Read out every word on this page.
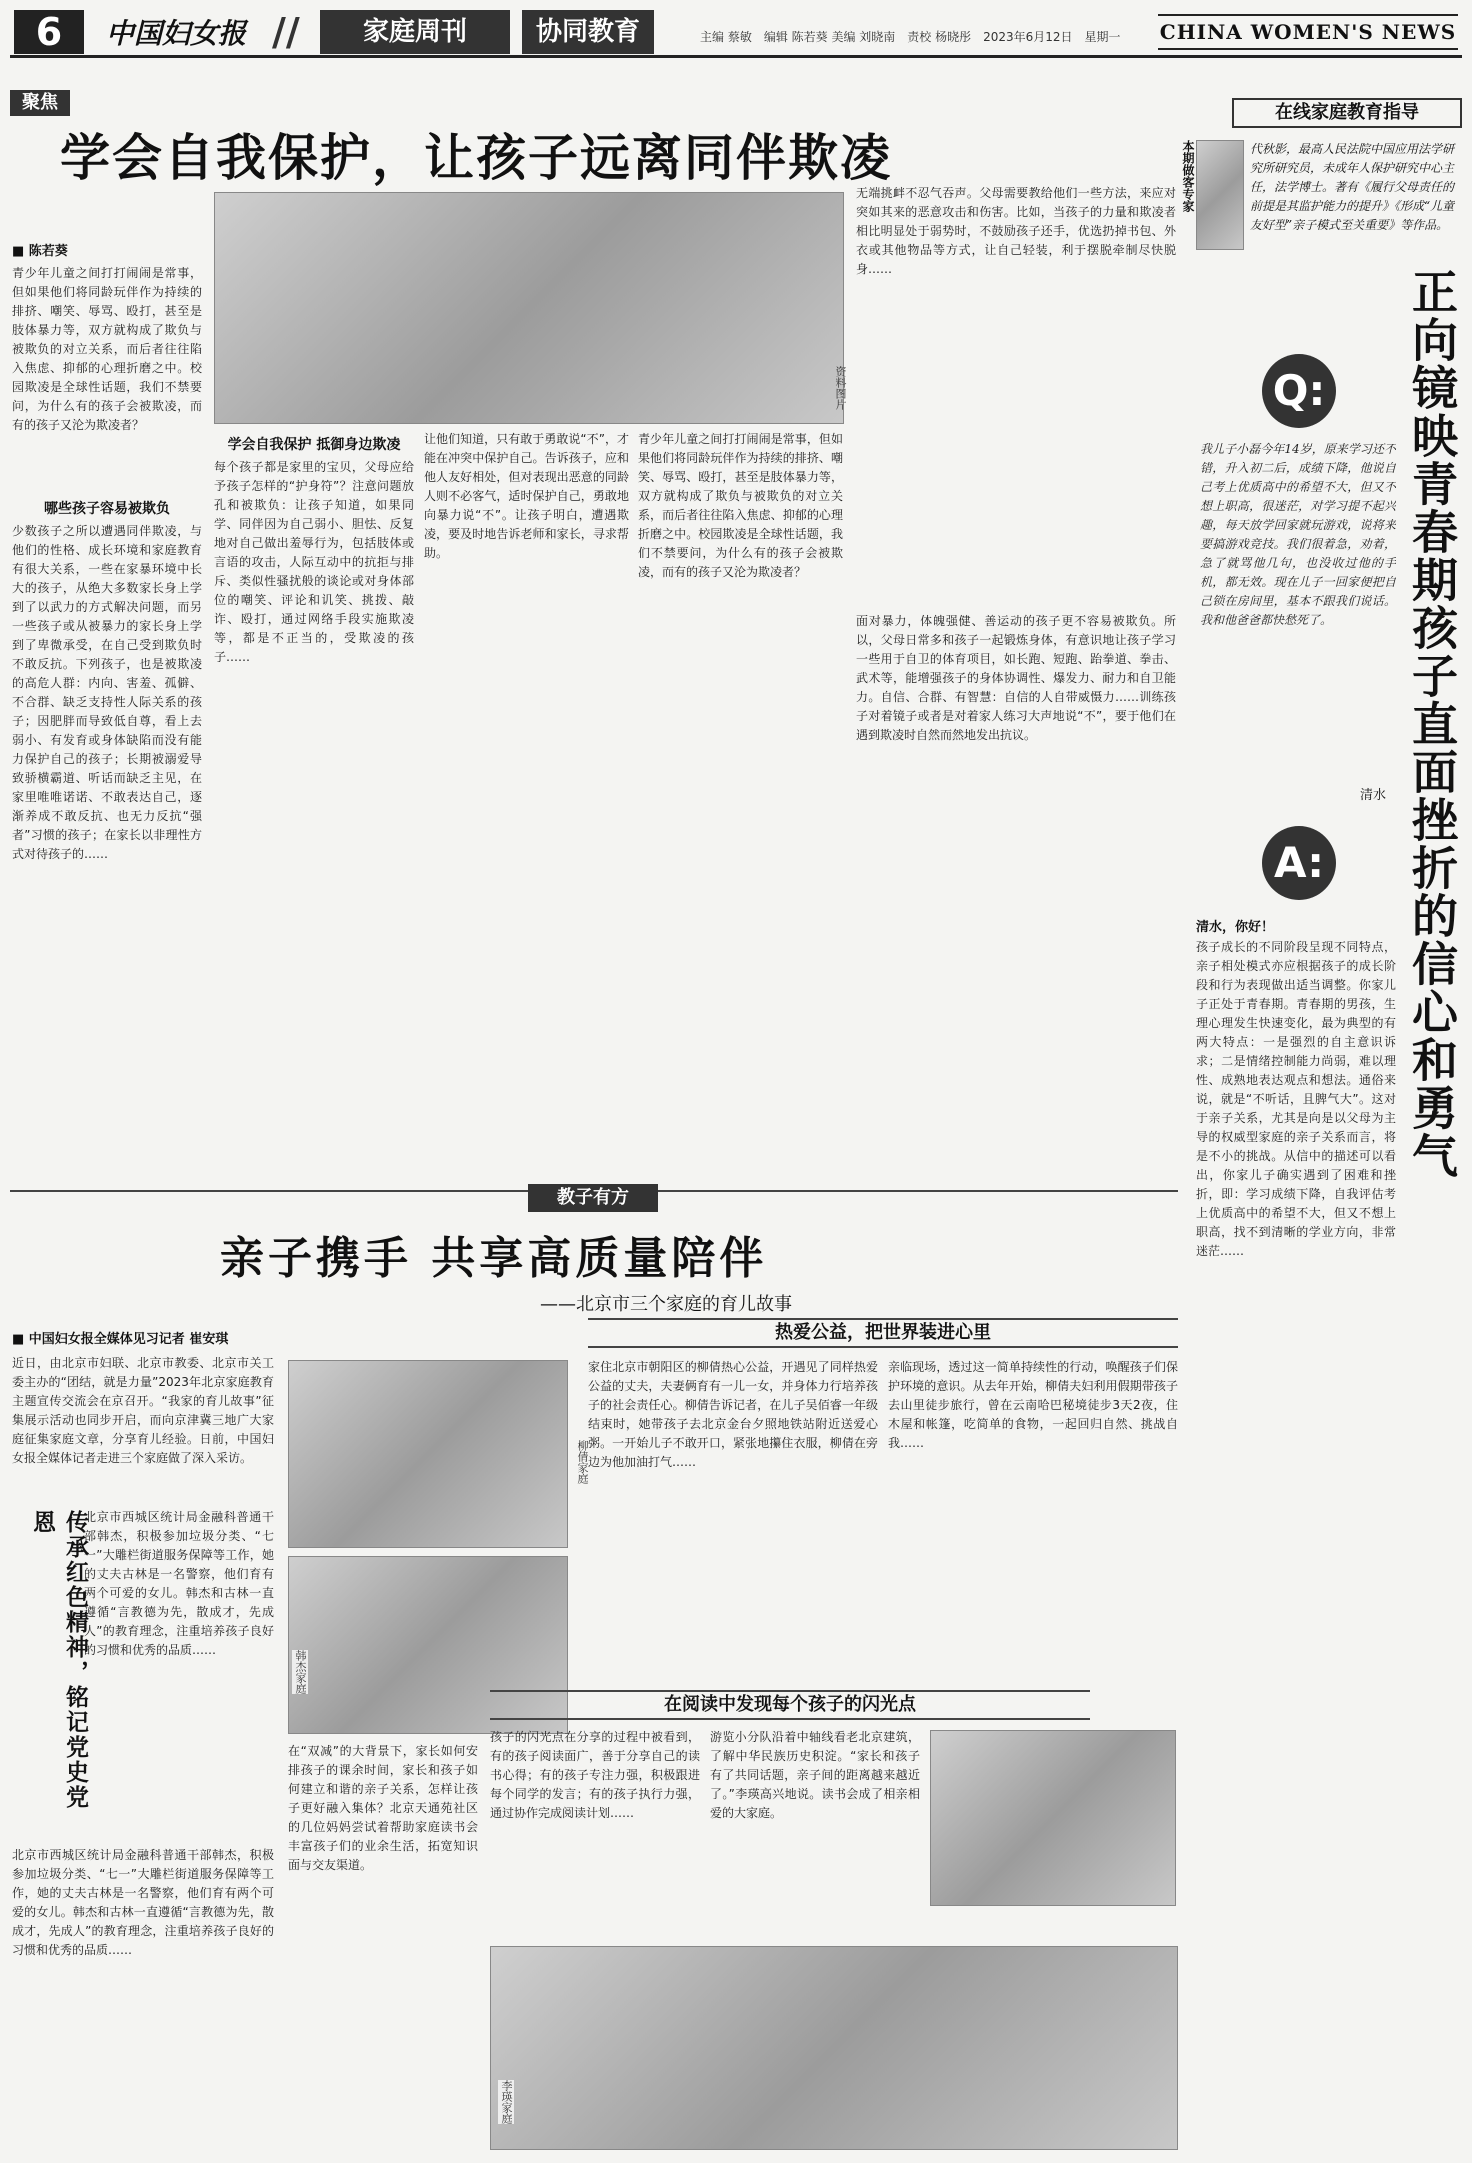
6	中国妇女报 //	家庭周刊	协同教育	主编 蔡敏　编辑 陈若葵 美编 刘晓南　责校 杨晓彤　2023年6月12日　星期一 CHINA WOMEN'S NEWS
聚焦
学会自我保护，让孩子远离同伴欺凌
■ 陈若葵
青少年儿童之间打打闹闹是常事，但如果他们将同龄玩伴作为持续的排挤、嘲笑、辱骂、殴打，甚至是肢体暴力等，双方就构成了欺负与被欺负的对立关系，而后者往往陷入焦虑、抑郁的心理折磨之中。校园欺凌是全球性话题，我们不禁要问，为什么有的孩子会被欺凌，而有的孩子又沦为欺凌者？
哪些孩子容易被欺负
少数孩子之所以遭遇同伴欺凌，与他们的性格、成长环境和家庭教育有很大关系，一些在家暴环境中长大的孩子，从绝大多数家长身上学到了以武力的方式解决问题，而另一些孩子或从被暴力的家长身上学到了卑微承受，在自己受到欺负时不敢反抗。下列孩子，也是被欺凌的高危人群：内向、害羞、孤僻、不合群、缺乏支持性人际关系的孩子；因肥胖而导致低自尊，看上去弱小、有发育或身体缺陷而没有能力保护自己的孩子；长期被溺爱导致骄横霸道、听话而缺乏主见，在家里唯唯诺诺、不敢表达自己，逐渐养成不敢反抗、也无力反抗“强者”习惯的孩子；在家长以非理性方式对待孩子的……
资料图片
学会自我保护 抵御身边欺凌
每个孩子都是家里的宝贝，父母应给予孩子怎样的“护身符”？注意问题放孔和被欺负：让孩子知道，如果同学、同伴因为自己弱小、胆怯、反复地对自己做出羞辱行为，包括肢体或言语的攻击，人际互动中的抗拒与排斥、类似性骚扰般的谈论或对身体部位的嘲笑、评论和讥笑、挑拨、敲诈、殴打，通过网络手段实施欺凌等，都是不正当的，受欺凌的孩子……
让他们知道，只有敢于勇敢说“不”，才能在冲突中保护自己。告诉孩子，应和他人友好相处，但对表现出恶意的同龄人则不必客气，适时保护自己，勇敢地向暴力说“不”。让孩子明白，遭遇欺凌，要及时地告诉老师和家长，寻求帮助。
青少年儿童之间打打闹闹是常事，但如果他们将同龄玩伴作为持续的排挤、嘲笑、辱骂、殴打，甚至是肢体暴力等，双方就构成了欺负与被欺负的对立关系，而后者往往陷入焦虑、抑郁的心理折磨之中。校园欺凌是全球性话题，我们不禁要问，为什么有的孩子会被欺凌，而有的孩子又沦为欺凌者？
无端挑衅不忍气吞声。父母需要教给他们一些方法，来应对突如其来的恶意攻击和伤害。比如，当孩子的力量和欺凌者相比明显处于弱势时，不鼓励孩子还手，优选扔掉书包、外衣或其他物品等方式，让自己轻装，利于摆脱牵制尽快脱身……
面对暴力，体魄强健、善运动的孩子更不容易被欺负。所以，父母日常多和孩子一起锻炼身体，有意识地让孩子学习一些用于自卫的体育项目，如长跑、短跑、跆拳道、拳击、武术等，能增强孩子的身体协调性、爆发力、耐力和自卫能力。自信、合群、有智慧：自信的人自带威慑力……训练孩子对着镜子或者是对着家人练习大声地说“不”，要于他们在遇到欺凌时自然而然地发出抗议。
教子有方
亲子携手 共享高质量陪伴
——北京市三个家庭的育儿故事
■ 中国妇女报全媒体见习记者 崔安琪
近日，由北京市妇联、北京市教委、北京市关工委主办的“团结，就是力量”2023年北京家庭教育主题宣传交流会在京召开。“我家的育儿故事”征集展示活动也同步开启，而向京津冀三地广大家庭征集家庭文章，分享育儿经验。日前，中国妇女报全媒体记者走进三个家庭做了深入采访。
传承红色精神，铭记党史党恩	北京市西城区统计局金融科普通干部韩杰，积极参加垃圾分类、“七一”大雕栏街道服务保障等工作，她的丈夫古林是一名警察，他们育有两个可爱的女儿。韩杰和古林一直遵循“言教德为先，散成才，先成人”的教育理念，注重培养孩子良好的习惯和优秀的品质……
北京市西城区统计局金融科普通干部韩杰，积极参加垃圾分类、“七一”大雕栏街道服务保障等工作，她的丈夫古林是一名警察，他们育有两个可爱的女儿。韩杰和古林一直遵循“言教德为先，散成才，先成人”的教育理念，注重培养孩子良好的习惯和优秀的品质……
柳倩家庭
韩杰家庭
在“双减”的大背景下，家长如何安排孩子的课余时间，家长和孩子如何建立和谐的亲子关系，怎样让孩子更好融入集体？北京天通苑社区的几位妈妈尝试着帮助家庭读书会丰富孩子们的业余生活，拓宽知识面与交友渠道。
热爱公益，把世界装进心里
家住北京市朝阳区的柳倩热心公益，开遇见了同样热爱公益的丈夫，夫妻俩育有一儿一女，并身体力行培养孩子的社会责任心。柳倩告诉记者，在儿子吴佰睿一年级结束时，她带孩子去北京金台夕照地铁站附近送爱心粥。一开始儿子不敢开口，紧张地攥住衣服，柳倩在旁边为他加油打气……
亲临现场，透过这一简单持续性的行动，唤醒孩子们保护环境的意识。从去年开始，柳倩夫妇利用假期带孩子去山里徒步旅行，曾在云南哈巴秘境徒步3天2夜，住木屋和帐篷，吃简单的食物，一起回归自然、挑战自我……
在阅读中发现每个孩子的闪光点
孩子的闪光点在分享的过程中被看到，有的孩子阅读面广，善于分享自己的读书心得；有的孩子专注力强，积极跟进每个同学的发言；有的孩子执行力强，通过协作完成阅读计划……
游览小分队沿着中轴线看老北京建筑，了解中华民族历史积淀。“家长和孩子有了共同话题，亲子间的距离越来越近了。”李瑛高兴地说。读书会成了相亲相爱的大家庭。
李瑛家庭
在线家庭教育指导
本期做客专家	代秋影，最高人民法院中国应用法学研究所研究员，未成年人保护研究中心主任，法学博士。著有《履行父母责任的前提是其监护能力的提升》《形成“儿童友好型”亲子模式至关重要》等作品。
Q:
我儿子小磊今年14岁，原来学习还不错，升入初二后，成绩下降，他说自己考上优质高中的希望不大，但又不想上职高，很迷茫，对学习提不起兴趣，每天放学回家就玩游戏，说将来要搞游戏竞技。我们很着急，劝着，急了就骂他几句，也没收过他的手机，都无效。现在儿子一回家便把自己锁在房间里，基本不跟我们说话。我和他爸爸都快愁死了。
清水
A:
清水，你好！
孩子成长的不同阶段呈现不同特点，亲子相处模式亦应根据孩子的成长阶段和行为表现做出适当调整。你家儿子正处于青春期。青春期的男孩，生理心理发生快速变化，最为典型的有两大特点：一是强烈的自主意识诉求；二是情绪控制能力尚弱，难以理性、成熟地表达观点和想法。通俗来说，就是“不听话，且脾气大”。这对于亲子关系，尤其是向是以父母为主导的权威型家庭的亲子关系而言，将是不小的挑战。从信中的描述可以看出，你家儿子确实遇到了困难和挫折，即：学习成绩下降，自我评估考上优质高中的希望不大，但又不想上职高，找不到清晰的学业方向，非常迷茫……
正向镜映青春期孩子直面挫折的信心和勇气
